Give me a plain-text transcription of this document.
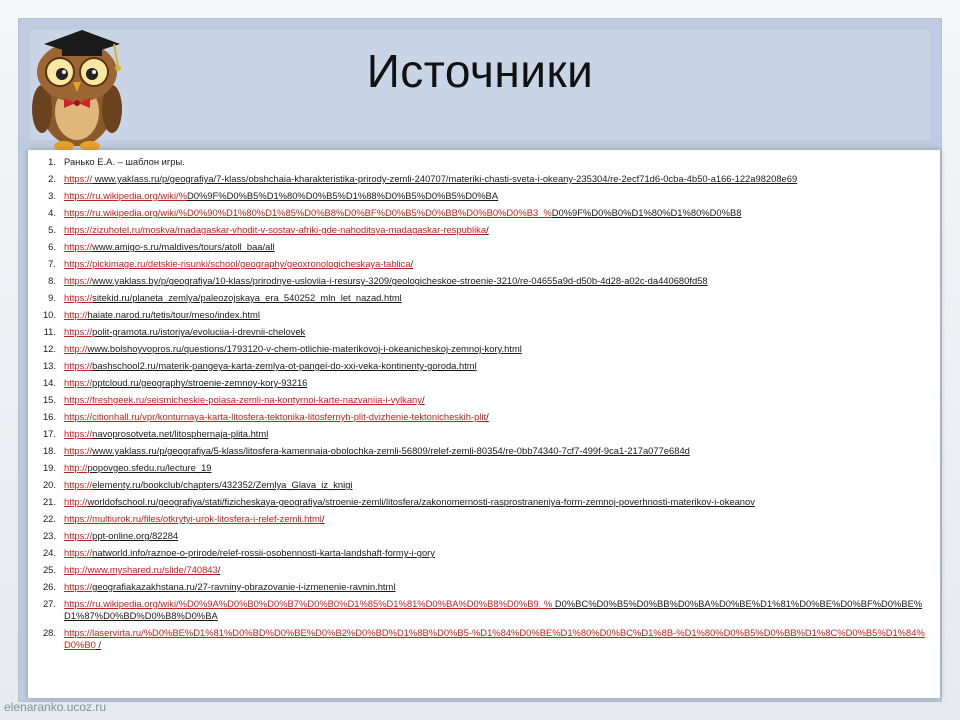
Источники
1. Ранько Е.А. – шаблон игры.
2. https:// www.yaklass.ru/p/geografiya/7-klass/obshchaia-kharakteristika-prirody-zemli-240707/materiki-chasti-sveta-i-okeany-235304/re-2ecf71d6-0cba-4b50-a166-122a98208e69
3. https://ru.wikipedia.org/wiki/%D0%9F%D0%B5%D1%80%D0%B5%D1%88%D0%B5%D0%B5%D0%BA
4. https://ru.wikipedia.org/wiki/%D0%90%D1%80%D1%85%D0%B8%D0%BF%D0%B5%D0%BB%D0%B0%D0%B3_%D0%9F%D0%B0%D1%80%D1%80%D0%B8
5. https://zizuhotel.ru/moskva/madagaskar-vhodit-v-sostav-afriki-gde-nahoditsya-madagaskar-respublika/
6. https://www.amigo-s.ru/maldives/tours/atoll_baa/all
7. https://pickimage.ru/detskie-risunki/school/geography/geoxronologicheskaya-tablica/
8. https://www.yaklass.by/p/geografiya/10-klass/prirodnye-usloviia-i-resursy-3209/geologicheskoe-stroenie-3210/re-04655a9d-d50b-4d28-a02c-da440680fd58
9. https://sitekid.ru/planeta_zemlya/paleozojskaya_era_540252_mln_let_nazad.html
10. http://haiate.narod.ru/tetis/tour/meso/index.html
11. https://polit-gramota.ru/istoriya/evoluciia-i-drevnii-chelovek
12. http://www.bolshoyvopros.ru/questions/1793120-v-chem-otlichie-materikovoj-i-okeanicheskoj-zemnoj-kory.html
13. https://bashschool2.ru/materik-pangeya-karta-zemlya-ot-pangei-do-xxi-veka-kontinenty-goroda.html
14. https://pptcloud.ru/geography/stroenie-zemnoy-kory-93216
15. https://freshgeek.ru/seismicheskie-poiasa-zemli-na-kontyrnoi-karte-nazvaniia-i-vylkany/
16. https://citionhall.ru/vpr/konturnaya-karta-litosfera-tektonika-litosfernyh-plit-dvizhenie-tektonicheskih-plit/
17. https://navoprosotveta.net/litosphernaja-plita.html
18. https://www.yaklass.ru/p/geografiya/5-klass/litosfera-kamennaia-obolochka-zemli-56809/relef-zemli-80354/re-0bb74340-7cf7-499f-9ca1-217a077e684d
19. http://popovgeo.sfedu.ru/lecture_19
20. https://elementy.ru/bookclub/chapters/432352/Zemlya_Glava_iz_knigi
21. http://worldofschool.ru/geografiya/stati/fizicheskaya-geografiya/stroenie-zemli/litosfera/zakonomernosti-rasprostraneniya-form-zemnoj-poverhnosti-materikov-i-okeanov
22. https://multiurok.ru/files/otkrytyi-urok-litosfera-i-relef-zemli.html/
23. https://ppt-online.org/82284
24. https://natworld.info/raznoe-o-prirode/relef-rossii-osobennosti-karta-landshaft-formy-i-gory
25. http://www.myshared.ru/slide/740843/
26. https://geografiakazakhstana.ru/27-ravniny-obrazovanie-i-izmenenie-ravnin.html
27. https://ru.wikipedia.org/wiki/%D0%9A%D0%B0%D0%B7%D0%B0%D1%85%D1%81%D0%BA%D0%B8%D0%B9_% D0%BC%D0%B5%D0%BB%D0%BA%D0%BE%D1%81%D0%BE%D0%BF%D0%BE%D1%87%D0%BD%D0%B8%D0%BA
28. https://laservirta.ru/%D0%BE%D1%81%D0%BD%D0%BE%D0%B2%D0%BD%D1%8B%D0%B5-%D1%84%D0%BE%D1%80%D0%BC%D1%8B-%D1%80%D0%B5%D0%BB%D1%8C%D0%B5%D1%84%D0%B0 /
elenaranko.ucoz.ru
